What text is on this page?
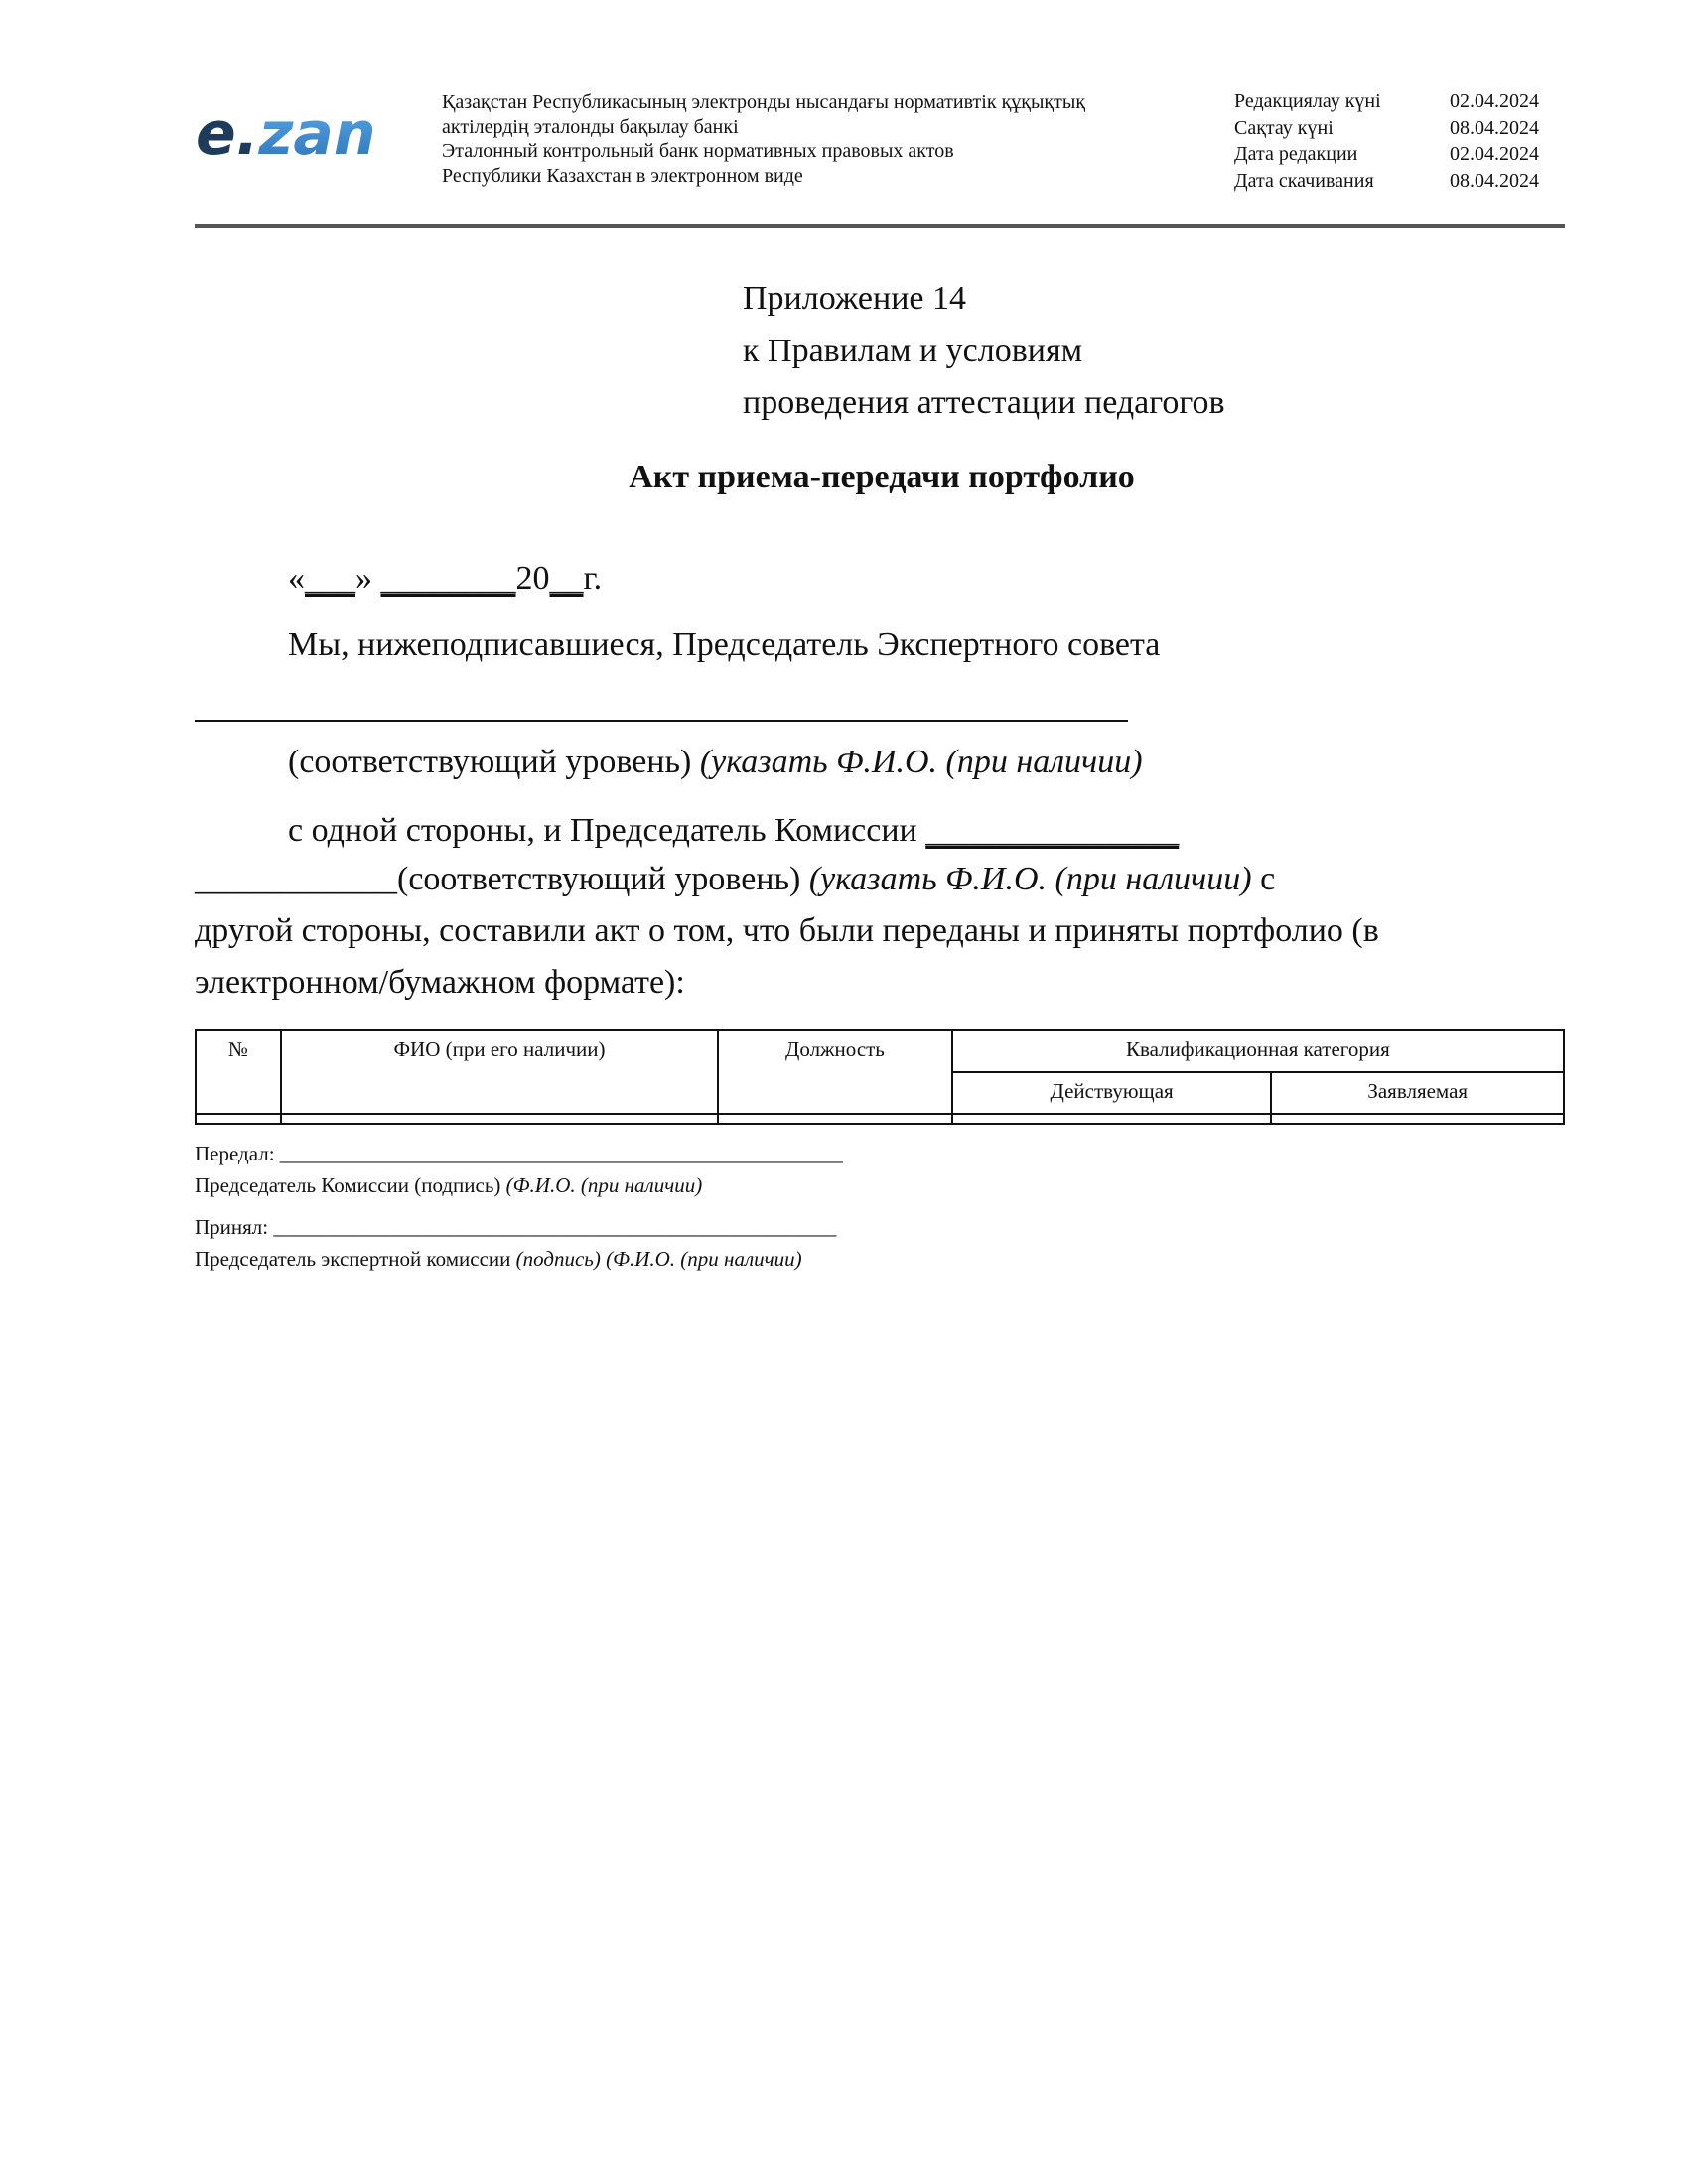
e.zan	Қазақстан Республикасының электронды нысандағы нормативтік құқықтық
актілердің эталонды бақылау банкі
Эталонный контрольный банк нормативных правовых актов
Республики Казахстан в электронном виде
Редакциялау күні	02.04.2024
Сақтау күні	08.04.2024
Дата редакции	02.04.2024
Дата скачивания	08.04.2024
Приложение 14
к Правилам и условиям
проведения аттестации педагогов
Акт приема-передачи портфолио
«___» ________20__г.
Мы, нижеподписавшиеся, Председатель Экспертного совета
(соответствующий уровень) (указать Ф.И.О. (при наличии)
с одной стороны, и Председатель Комиссии _______________
____________(соответствующий уровень) (указать Ф.И.О. (при наличии) с
другой стороны, составили акт о том, что были переданы и приняты портфолио (в
электронном/бумажном формате):
№	ФИО (при его наличии)	Должность	Квалификационная категория	
			Действующая	Заявляемая

Передал: ______________________________________________________
Председатель Комиссии (подпись) (Ф.И.О. (при наличии)
Принял: ______________________________________________________
Председатель экспертной комиссии (подпись) (Ф.И.О. (при наличии)
